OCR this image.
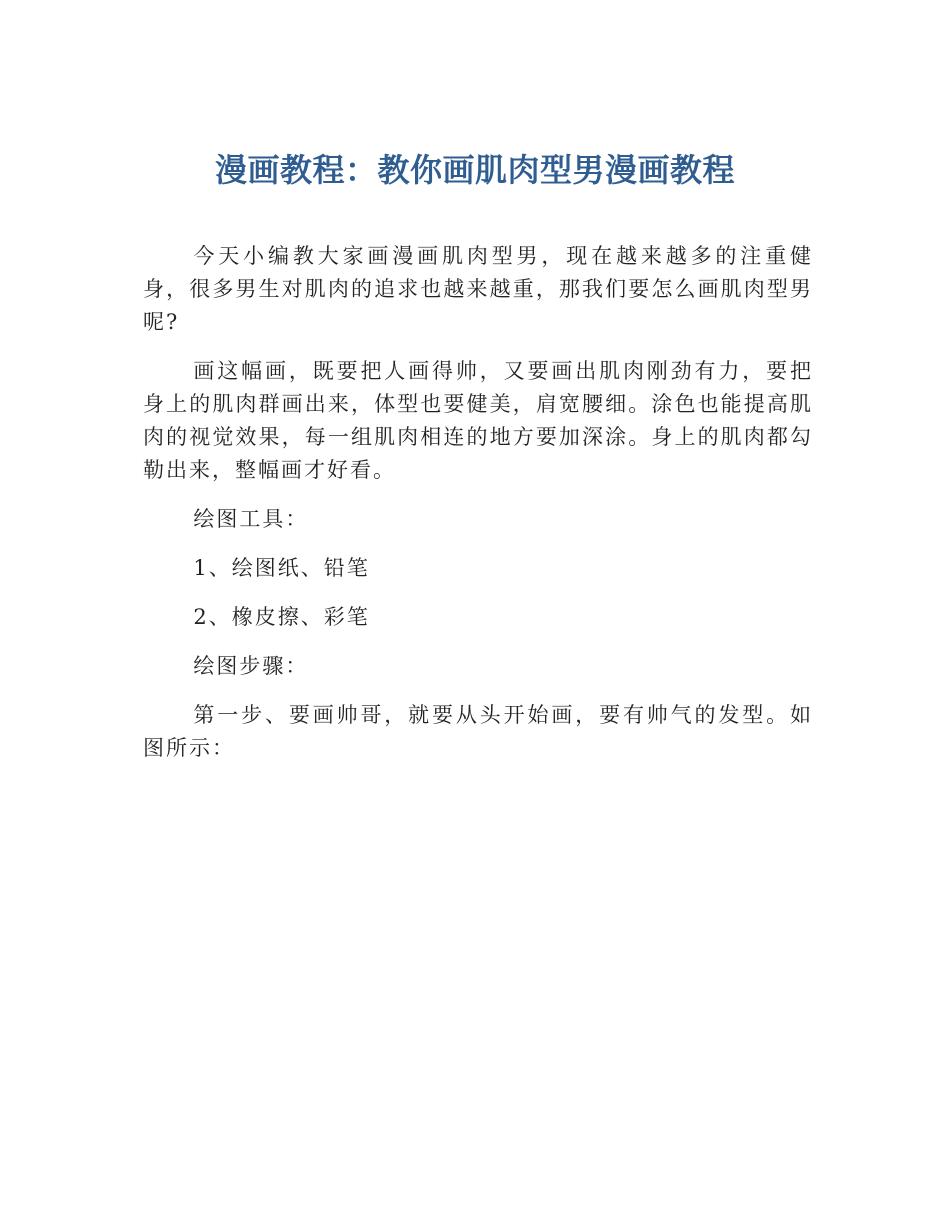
漫画教程：教你画肌肉型男漫画教程

今天小编教大家画漫画肌肉型男，现在越来越多的注重健身，很多男生对肌肉的追求也越来越重，那我们要怎么画肌肉型男呢?

画这幅画，既要把人画得帅，又要画出肌肉刚劲有力，要把身上的肌肉群画出来，体型也要健美，肩宽腰细。涂色也能提高肌肉的视觉效果，每一组肌肉相连的地方要加深涂。身上的肌肉都勾勒出来，整幅画才好看。

绘图工具：

1、绘图纸、铅笔

2、橡皮擦、彩笔

绘图步骤：

第一步、要画帅哥，就要从头开始画，要有帅气的发型。如图所示：
